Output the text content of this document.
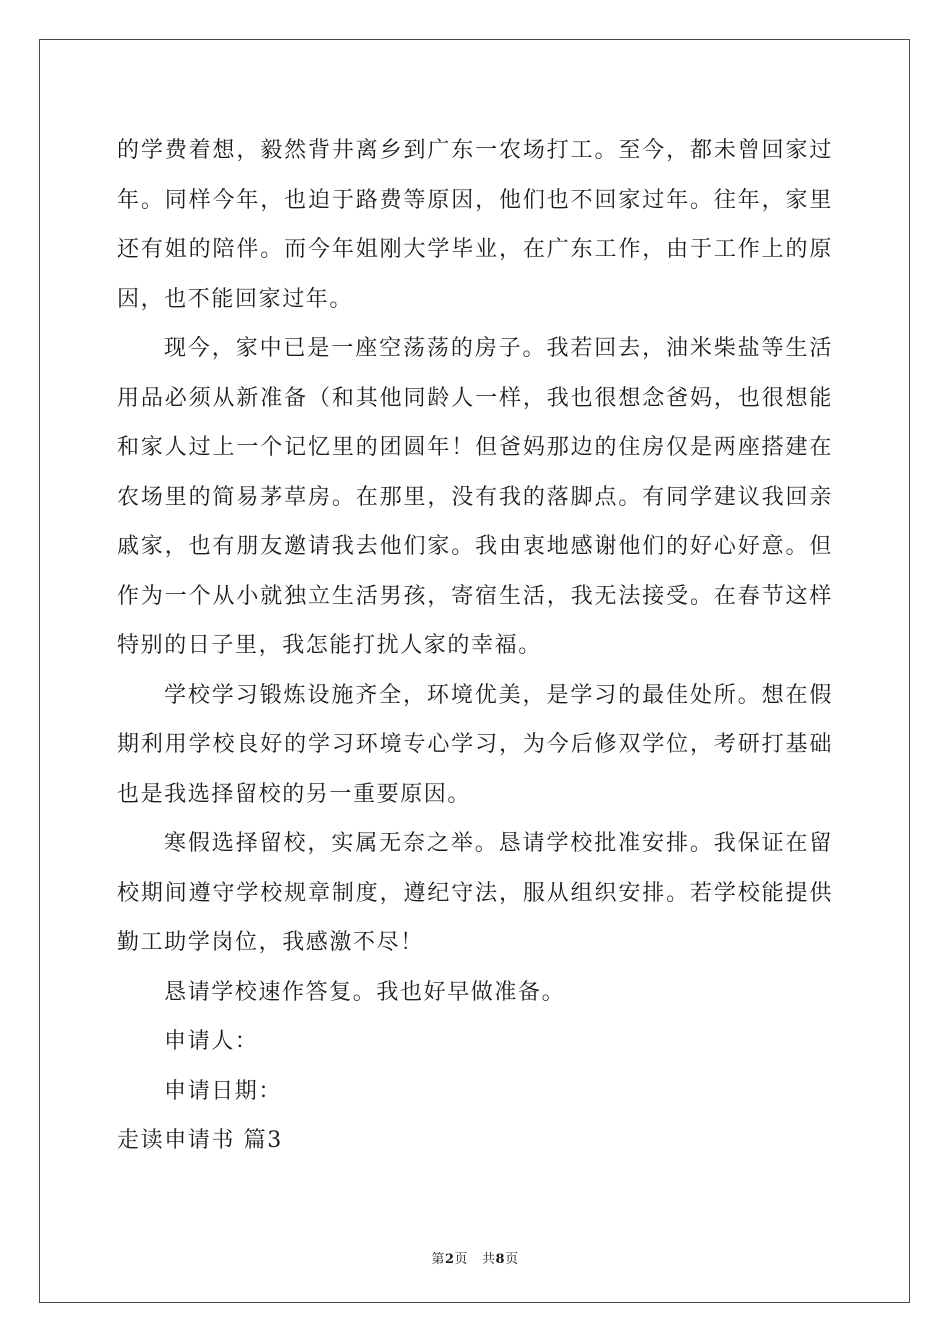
的学费着想，毅然背井离乡到广东一农场打工。至今，都未曾回家过年。同样今年，也迫于路费等原因，他们也不回家过年。往年，家里还有姐的陪伴。而今年姐刚大学毕业，在广东工作，由于工作上的原因，也不能回家过年。

现今，家中已是一座空荡荡的房子。我若回去，油米柴盐等生活用品必须从新准备（和其他同龄人一样，我也很想念爸妈，也很想能和家人过上一个记忆里的团圆年！但爸妈那边的住房仅是两座搭建在农场里的简易茅草房。在那里，没有我的落脚点。有同学建议我回亲戚家，也有朋友邀请我去他们家。我由衷地感谢他们的好心好意。但作为一个从小就独立生活男孩，寄宿生活，我无法接受。在春节这样特别的日子里，我怎能打扰人家的幸福。

学校学习锻炼设施齐全，环境优美，是学习的最佳处所。想在假期利用学校良好的学习环境专心学习，为今后修双学位，考研打基础也是我选择留校的另一重要原因。

寒假选择留校，实属无奈之举。恳请学校批准安排。我保证在留校期间遵守学校规章制度，遵纪守法，服从组织安排。若学校能提供勤工助学岗位，我感激不尽！

恳请学校速作答复。我也好早做准备。

申请人：

申请日期：

走读申请书 篇3

第2页 共8页
